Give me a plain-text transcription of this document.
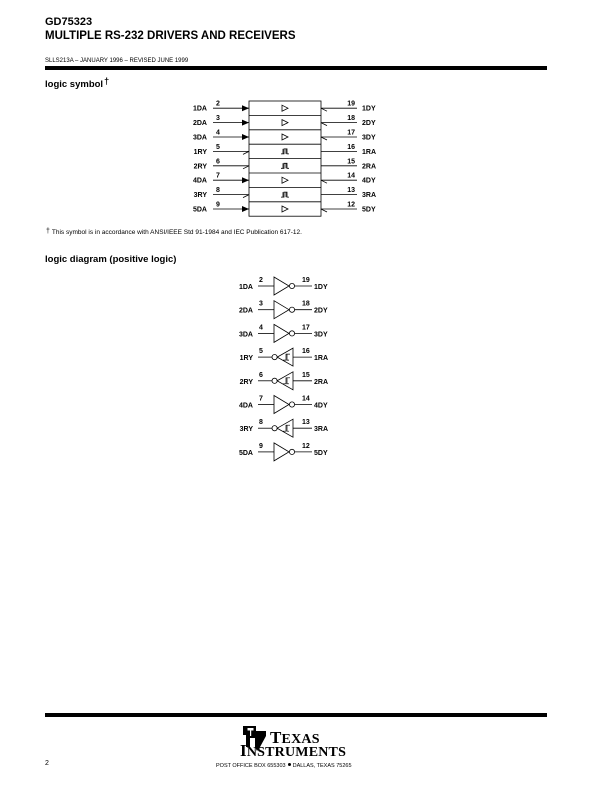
GD75323
MULTIPLE RS-232 DRIVERS AND RECEIVERS
SLLS213A – JANUARY 1996 – REVISED JUNE 1999
logic symbol†
1DA
2	19
1DY
2DA
3	18
2DY
3DA
4	17
3DY
1RY
5	16
1RA
2RY
6	15
2RA
4DA
7	14
4DY
3RY
8	13
3RA
5DA
9	12
5DY
1DA
2	19
1DY
2DA
3	18
2DY
3DA
4	17
3DY
1RY
5	16
1RA
2RY
6	15
2RA
4DA
7	14
4DY
3RY
8	13
3RA
5DA
9	12
5DY
† This symbol is in accordance with ANSI/IEEE Std 91-1984 and IEC Publication 617-12.
logic diagram (positive logic)
TEXAS
INSTRUMENTS
2	POST OFFICE BOX 655303 DALLAS, TEXAS 75265
